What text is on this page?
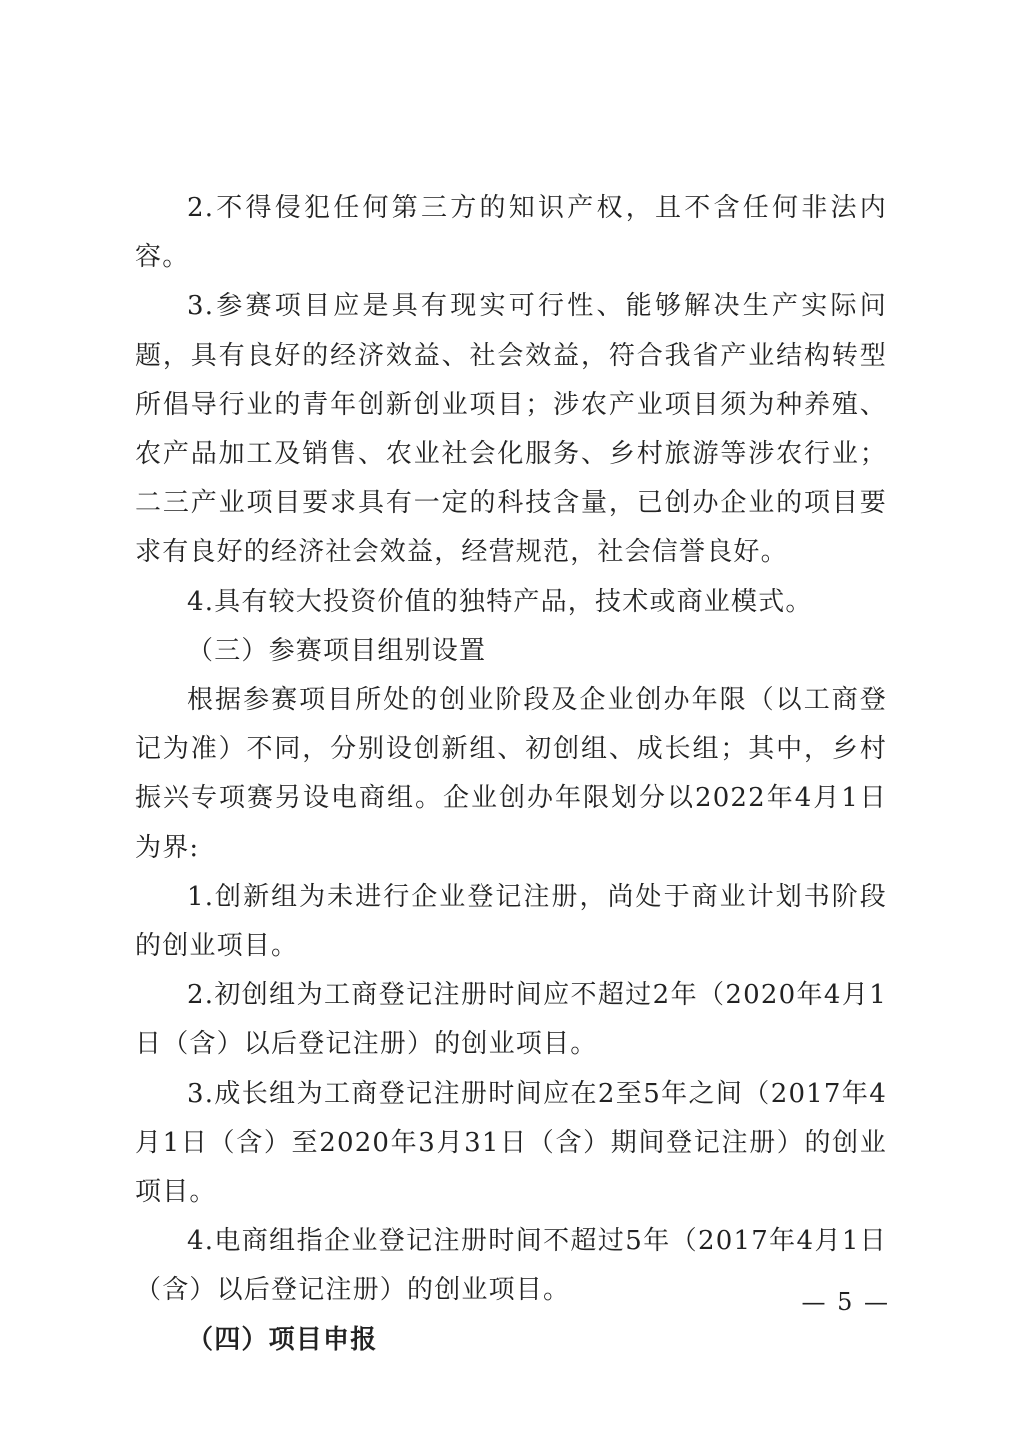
2.不得侵犯任何第三方的知识产权，且不含任何非法内容。

3.参赛项目应是具有现实可行性、能够解决生产实际问题，具有良好的经济效益、社会效益，符合我省产业结构转型所倡导行业的青年创新创业项目；涉农产业项目须为种养殖、农产品加工及销售、农业社会化服务、乡村旅游等涉农行业；二三产业项目要求具有一定的科技含量，已创办企业的项目要求有良好的经济社会效益，经营规范，社会信誉良好。

4.具有较大投资价值的独特产品，技术或商业模式。

（三）参赛项目组别设置

根据参赛项目所处的创业阶段及企业创办年限（以工商登记为准）不同，分别设创新组、初创组、成长组；其中，乡村振兴专项赛另设电商组。企业创办年限划分以2022年4月1日为界:

1.创新组为未进行企业登记注册，尚处于商业计划书阶段的创业项目。

2.初创组为工商登记注册时间应不超过2年（2020年4月1日（含）以后登记注册）的创业项目。

3.成长组为工商登记注册时间应在2至5年之间（2017年4月1日（含）至2020年3月31日（含）期间登记注册）的创业项目。

4.电商组指企业登记注册时间不超过5年（2017年4月1日（含）以后登记注册）的创业项目。

（四）项目申报

— 5 —
